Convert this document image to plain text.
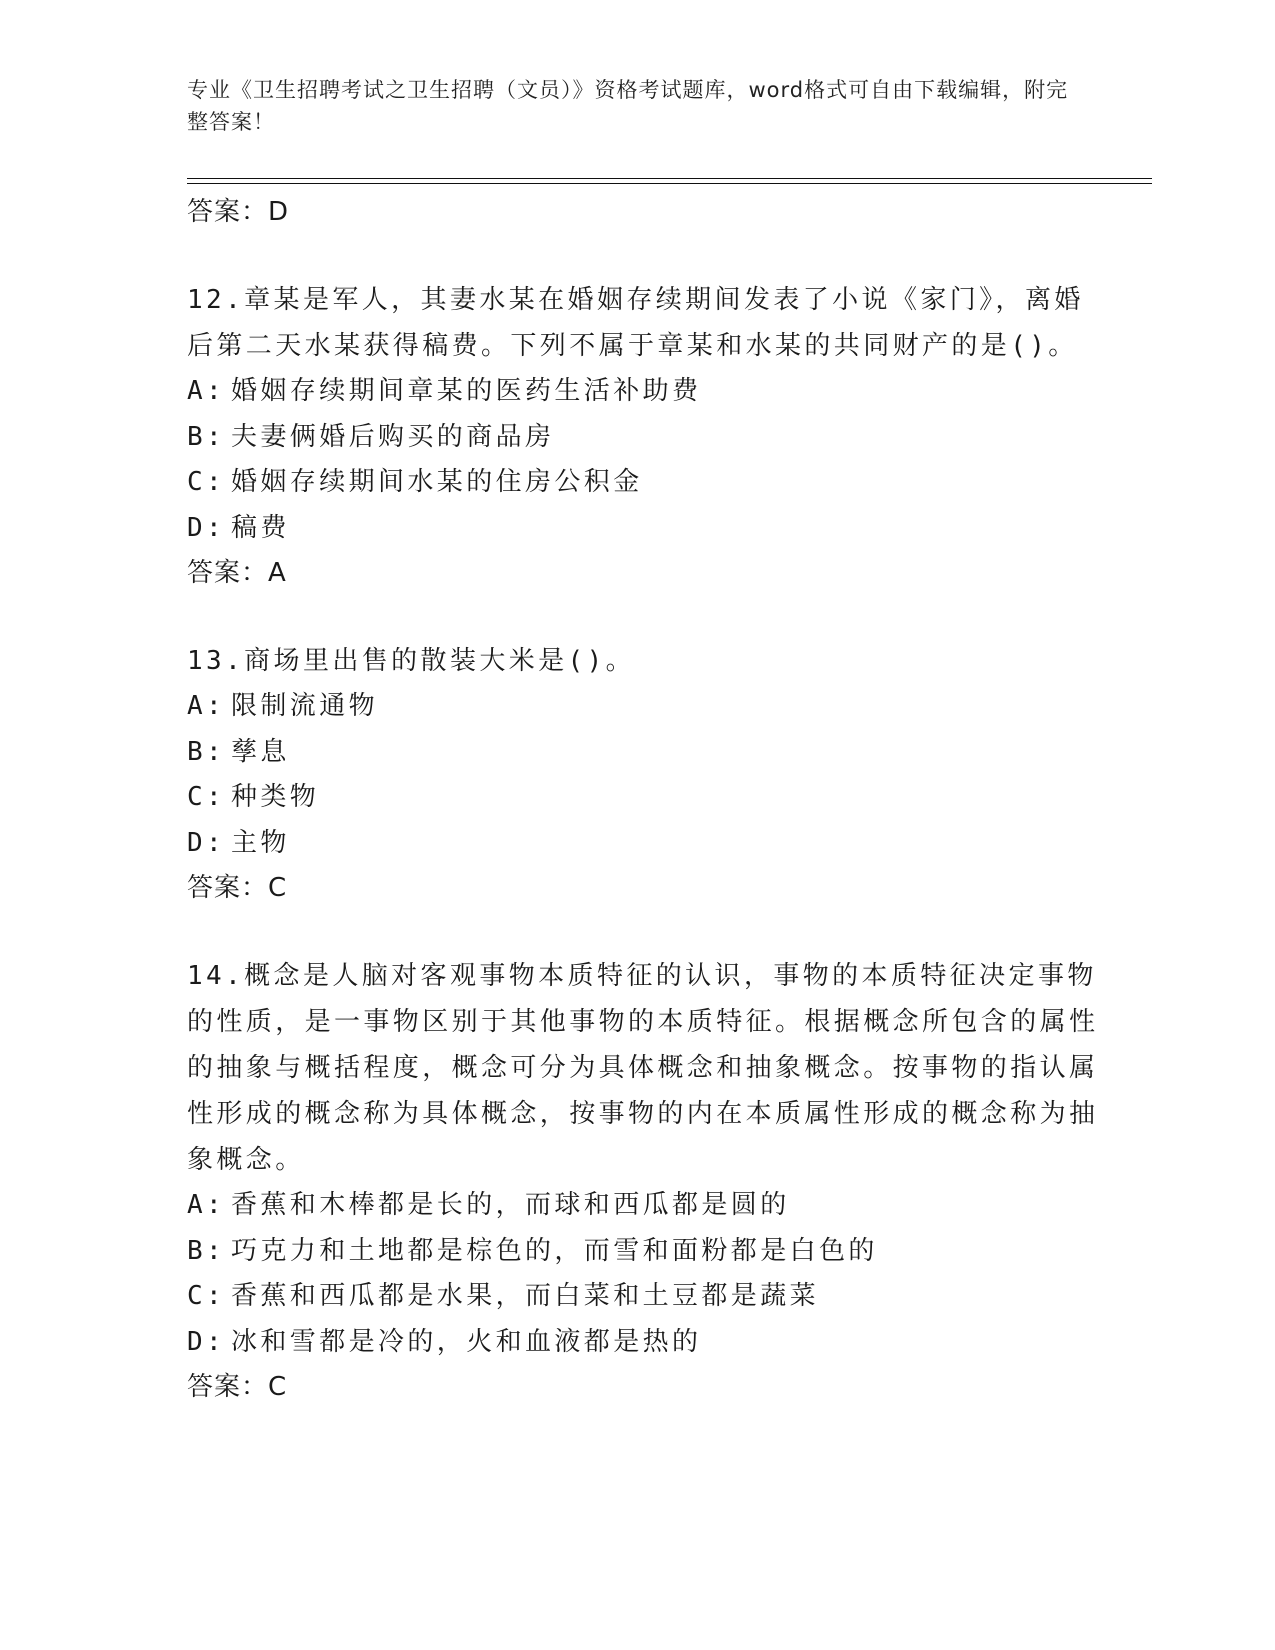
专业《卫生招聘考试之卫生招聘（文员）》资格考试题库，word格式可自由下载编辑，附完整答案！
答案：D
12.章某是军人，其妻水某在婚姻存续期间发表了小说《家门》，离婚后第二天水某获得稿费。下列不属于章某和水某的共同财产的是()。
A: 婚姻存续期间章某的医药生活补助费
B: 夫妻俩婚后购买的商品房
C: 婚姻存续期间水某的住房公积金
D: 稿费
答案：A
13.商场里出售的散装大米是()。
A: 限制流通物
B: 孳息
C: 种类物
D: 主物
答案：C
14.概念是人脑对客观事物本质特征的认识，事物的本质特征决定事物的性质，是一事物区别于其他事物的本质特征。根据概念所包含的属性的抽象与概括程度，概念可分为具体概念和抽象概念。按事物的指认属性形成的概念称为具体概念，按事物的内在本质属性形成的概念称为抽象概念。
A: 香蕉和木棒都是长的，而球和西瓜都是圆的
B: 巧克力和土地都是棕色的，而雪和面粉都是白色的
C: 香蕉和西瓜都是水果，而白菜和土豆都是蔬菜
D: 冰和雪都是冷的，火和血液都是热的
答案：C
